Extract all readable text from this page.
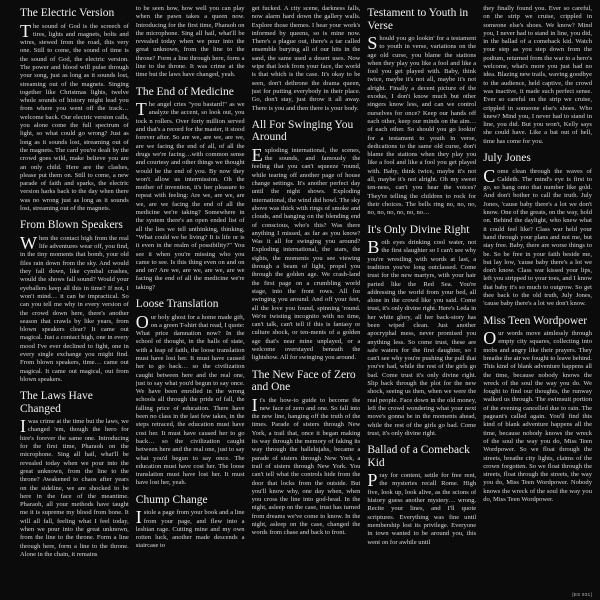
The Electric Version

The sound of God is the screech of tires, lights and magnets, bolts and wires, stewed from the road, this very one. Still to come, the sound of time is the sound of God, the electric version. The power and blood will pulse through your song, just as long as it sounds lost, streaming out of the magnets. Singing together like Christmas lights, twelve whole sounds of history might lead you from where you went off the track…welcome back. Our electric version calls, you alone come the full spectrum of light, so what could go wrong? Just as long as it sounds lost, streaming out of the magnets. The card you're dealt by the crowd goes wild, make believe you are an only child. Here are the clashes, please put them on. Still to come, a new parade of faith and sparks, the electric version harks back to the day when there was no wrong just as long as it sounds lost, streaming out of the magnets.

From Blown Speakers

When the contact high from the real life adventures wear off, you find, in the tiny moments that bomb, your old files rain down from the sky. And would they fall down, like cymbal crashes, would the shows fall sound? Would your eyeballers keep all this in time? If not, I won't mind… it can be impractical. So can you tell me why in every version of the crowd down here, there's another season that crawls by like years, from blown speakers clear? It came out magical. Just a contact high, one in every mood I've ever declined to fight, one in every single exchange you might find. From blown speakers, time… came out magical. It came out magical, out from blown speakers.

The Laws Have Changed

I was crime at the time but the laws, we changed 'em, though the hero for hire's forever the same one. Introducing for the first time, Pharaoh on the microphone. Sing all hail, what'll be revealed today when we pour into the great unknown, from the line to the throne? Awakened to chaos after years on the sideline, we are shocked to be here in the face of the meantime. Pharaoh, all your methods have taught me it is supreme my blood from bone. It will all fall, feeling what I feel today, when we pour into the great unknown, from the line to the throne. Form a line through here, form a line to the throne. Alone in the chain, it remains

to be seen how, how well you can play when the pawn takes a queen now. Introducing for the first time, Pharaoh on the microphone. Sing all hail, what'll be revealed today when we pour into the great unknown, from the line to the throne? Form a line through here, form a line to the throne. It was crime at the time but the laws have changed, yeah.

The End of Medicine

The angel cries "you bastard!" as we analyze the accent, so look out, you tock n rollers. Over forty million served and that's a record for the master, it stood forever after. So are we, are we, are we, are we facing the end of all, of all the drugs we're facing…with common sense and courtesy and other things we thought would be the end of you. By now they won't allow us intermission. Oh the mother of invention, it's her pleasure to repeat with feeling: Are we, are we, are we, are we facing the end of all the medicine we're taking? Somewhere in the system there's an open ended list of all the lies we tell unthinking, thinking, "What could we be living? It is life or is it even in the realm of possibility?" You see it when you're missing who you came to see. Is this thing even on and on and on? Are we, are we, are we, are we facing the end of all the medicine we're taking?

Loose Translation

Our holy ghost for a home made gift, on a green T-shirt that read, I quote: What price damnation now? In the school of thought, in the halls of state, with a leap of faith, the loose translation must have lost her. It must have caused her to go back… so the civilization caught between here and the real one, just to say what you'd begun to say once. We have been enrolled in the wrong schools all through the pride of fall, the falling price of education. There have been no class in the last few takes, in the steps retraced, the education must have cost her. It must have caused her to go back… so the civilization caught between here and the real one, just to say what you'd begun to say once. The education must have cost her. The loose translation must have lost her. It must have lost her, yeah.

Chump Change

I stole a page from your book and a line from your page, and flew into a lesbian rage. Cutting mine and my own rotten luck, another made descends a staircase to

get fucked. A city scene, darkness falls, now alarm hard down the gallery walls. Explore those themes. I hear your work's informed by queens, so is mine now. There's a plague out, there's a tar called ensemble burying all of our hits in the sand, the same used a desert uses. Now wipe that look from your face, the world is that which is the case. It's okay to be seen, don't dethrone the drama queen, just for putting everybody in their place. Go, don't stay, just throw it all away. There is you and then there is your body.

All For Swinging You Around

Exploding international, the scenes, the sounds, and famously the feeling that you can't squeeze 'round, while tearing off another page of house change settings. It's another perfect day until the night shows. Exploding international, the wind did howl. The sky above was thick with rings of smoke and clouds, and hanging on the blending end of conscious, who's this? Was there anything I missed, as far as you know? Was it all for swinging you around? Exploding international, the stars, the sights, the moments you see viewing through a beam of light, propel you through the golden age. We crash-land the first page on a crumbling world stage, into the front rows. All for swinging you around. And off your feet, all the love you found, spinning 'round. We're twisting incognito with no time, can't talk, can't tell if this is fantasy or culture shock, or ten-ments of a golden age that's near mine unplayed, or a welcome overstayed beneath the lightshow. All for swinging you around.

The New Face of Zero and One

It's the how-to guide to become the new face of zero and one. So fall into the new line, hanging off the truth of the times. Parade of sisters through New York, a trail that, once it began making its way through the memory of faking its way through the hallelujahs, became a parade of sisters through New York, a trail of sisters through New York. You can't tell what the controls hide from the door that locks from the outside. But you'll know why, one day when, when you cross the line into god-head. In the night, asleep on the case, trust has turned from dreams we've come to know. In the night, asleep on the case, changed the words from chase and back to front.

Testament to Youth in Verse

Should you go lookin' for a testament to youth in verse, variations on the age old curse, you blame the stations when they play you like a fool and like a fool you get played with. Baby, think twice, maybe it's not all, maybe it's not alright. Finally a decent picture of the exodus, I don't know much but other singers know less, and can we control ourselves for once? Keep our hands off each other, keep our minds on the aim… of each other. So should you go lookin' for a testament to youth in verse, dedications to the same old curse, don't blame the stations when they play you like a fool and like a fool you get played with. Baby, think twice, maybe it's not all, maybe it's not alright. Oh my sweet ten-ness, can't you hear the voices? They're telling the children to rock for their choices. The bells ring no, no, no, no, no, no, no, no, no…

It's Only Divine Right

Both eyes drinking cool water, not the first slaughter so I can't see why you're wrestling with words at last, a tradition you've long outclassed. Come trust for the new martyrs, with your hair parted like the Red Sea. You're addressing the world from your bed, all alone in the crowd like you said. Come trust, it's only divine right. Here's Leda in her white glory, all her back-story has been wiped clean. Just another apocryphal mess, never promised you anything less. So come trust, these are safe waters for the first daughter, so I can't see why you're pushing the pull that you've had, while the rest of the girls go bad. Come trust it's only divine right. Slip back through the plot for the new shock, seeing us then, when we were the real people. Face down in the old money, left the crowd wondering what your next move's gonna be in the moments ahead, while the rest of the girls go bad. Come trust, it's only divine right.

Ballad of a Comeback Kid

Pray for content, settle for free rent, the mysteries recall Rome. High five, look up, look alive, as the scions of history guess another mystery… wrong. Recite your lines, and I'll quote scriptures. Everything was fine until membership lost its privilege. Everyone in town wanted to be around you, this went on for awhile until

they finally found you. Ever so careful, on the strip we cruise, crippled in someone else's shoes. We know? Mind you, I never had to stand in line, you did, in the ballad of a comeback kid. Watch your step as you step down from the podium, returned from the war to a hero's welcome, what's more you just had no idea. Blazing new trails, waving goodbye to the audience, held captive, the crowd was inactive, it made such perfect sense. Ever so careful on the strip we cruise, crippled in someone else's shoes. Who knew? Mind you, I never had to stand in line, you did. But you won't, Kelly says she could have. Like a bat out of hell, time has come for you.

July Jones

Come clean through the waves of Caldeth. The mind's eye is first to go, so hang onto that number like gold. And don't bother to call the truth. July Jones, 'cause baby there's a lot we don't know. One of the greats, on the way, hold on. Behind the daylight, who knew what it could feel like? Class war held your hand through your plans and not me, but stay free. Baby, there are worse things to be. So be free in your faith beside me, but lay low, 'cause baby there's a lot we don't know. Class war kissed your lips, left you stripped to your toes, and I know that baby it's so much to outgrow. So get thee back to the old truth, July Jones, 'cause baby there's a lot we don't know.

Miss Teen Wordpower

Our words move aimlessly through empty city squares, collecting into mobs and angry like their prayers. They breathe the air we fought to leave behind. This kind of blank adventure happens all the time, because nobody knows the wreck of the soul the way you do. We fought to find our thoughts, the runway walked us through. The swimsuit portion of the evening cancelled due to rain. The pageant's called again. You'll find this kind of blank adventure happens all the time, because nobody knows the wreck of the soul the way you do, Miss Teen Wordpower. So we float through the streets, breathe city lights, claims of the crown forgotten. So we float through the streets, float through the streets, the way you do, Miss Teen Wordpower. Nobody knows the wreck of the soul the way you do, Miss Teen Wordpower.

[ES 931]
